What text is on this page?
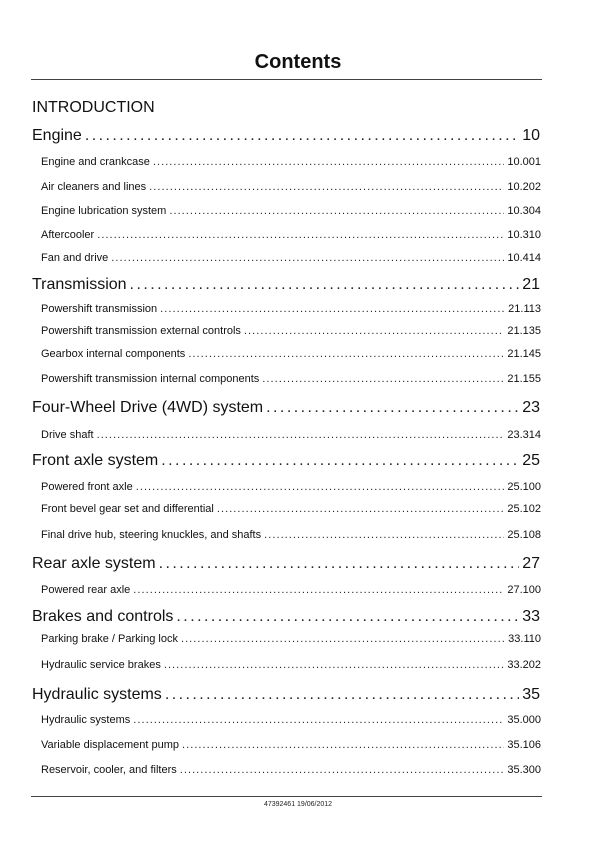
Contents
INTRODUCTION
Engine . . .	10
Engine and crankcase . . .	10.001
Air cleaners and lines . . .	10.202
Engine lubrication system . . .	10.304
Aftercooler . . .	10.310
Fan and drive . . .	10.414
Transmission . . .	21
Powershift transmission . . .	21.113
Powershift transmission external controls . . .	21.135
Gearbox internal components . . .	21.145
Powershift transmission internal components . . .	21.155
Four-Wheel Drive (4WD) system . . .	23
Drive shaft . . .	23.314
Front axle system . . .	25
Powered front axle . . .	25.100
Front bevel gear set and differential . . .	25.102
Final drive hub, steering knuckles, and shafts . . .	25.108
Rear axle system . . .	27
Powered rear axle . . .	27.100
Brakes and controls . . .	33
Parking brake / Parking lock . . .	33.110
Hydraulic service brakes . . .	33.202
Hydraulic systems . . .	35
Hydraulic systems . . .	35.000
Variable displacement pump . . .	35.106
Reservoir, cooler, and filters . . .	35.300
47392461 19/06/2012
